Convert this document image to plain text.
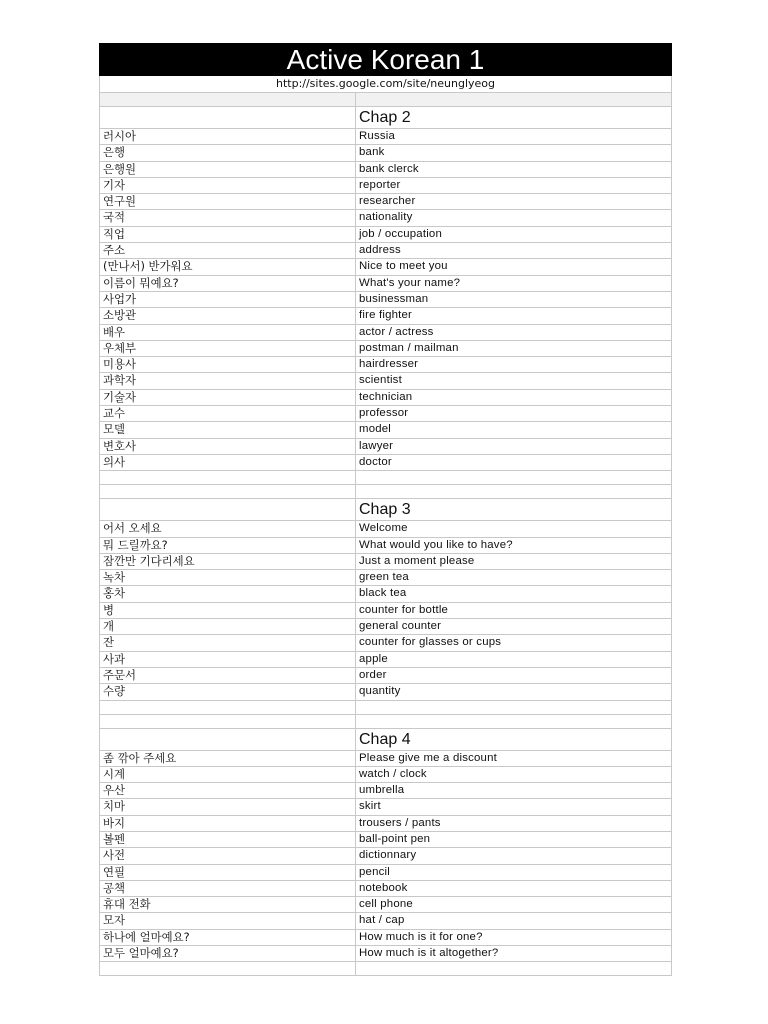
Active Korean 1	
http://sites.google.com/site/neunglyeog	

	Chap 2
러시아	Russia
은행	bank
은행원	bank clerck
기자	reporter
연구원	researcher
국적	nationality
직업	job / occupation
주소	address
(만나서) 반가워요	Nice to meet you
이름이 뭐예요?	What's your name?
사업가	businessman
소방관	fire fighter
배우	actor / actress
우체부	postman / mailman
미용사	hairdresser
과학자	scientist
기술자	technician
교수	professor
모델	model
변호사	lawyer
의사	doctor

	Chap 3
어서 오세요	Welcome
뭐 드릴까요?	What would you like to have?
잠깐만 기다리세요	Just a moment please
녹차	green tea
홍차	black tea
병	counter for bottle
개	general counter
잔	counter for glasses or cups
사과	apple
주문서	order
수량	quantity

	Chap 4
좀 깎아 주세요	Please give me a discount
시계	watch / clock
우산	umbrella
치마	skirt
바지	trousers / pants
볼펜	ball-point pen
사전	dictionnary
연필	pencil
공책	notebook
휴대 전화	cell phone
모자	hat / cap
하나에 얼마예요?	How much is it for one?
모두 얼마예요?	How much is it altogether?
